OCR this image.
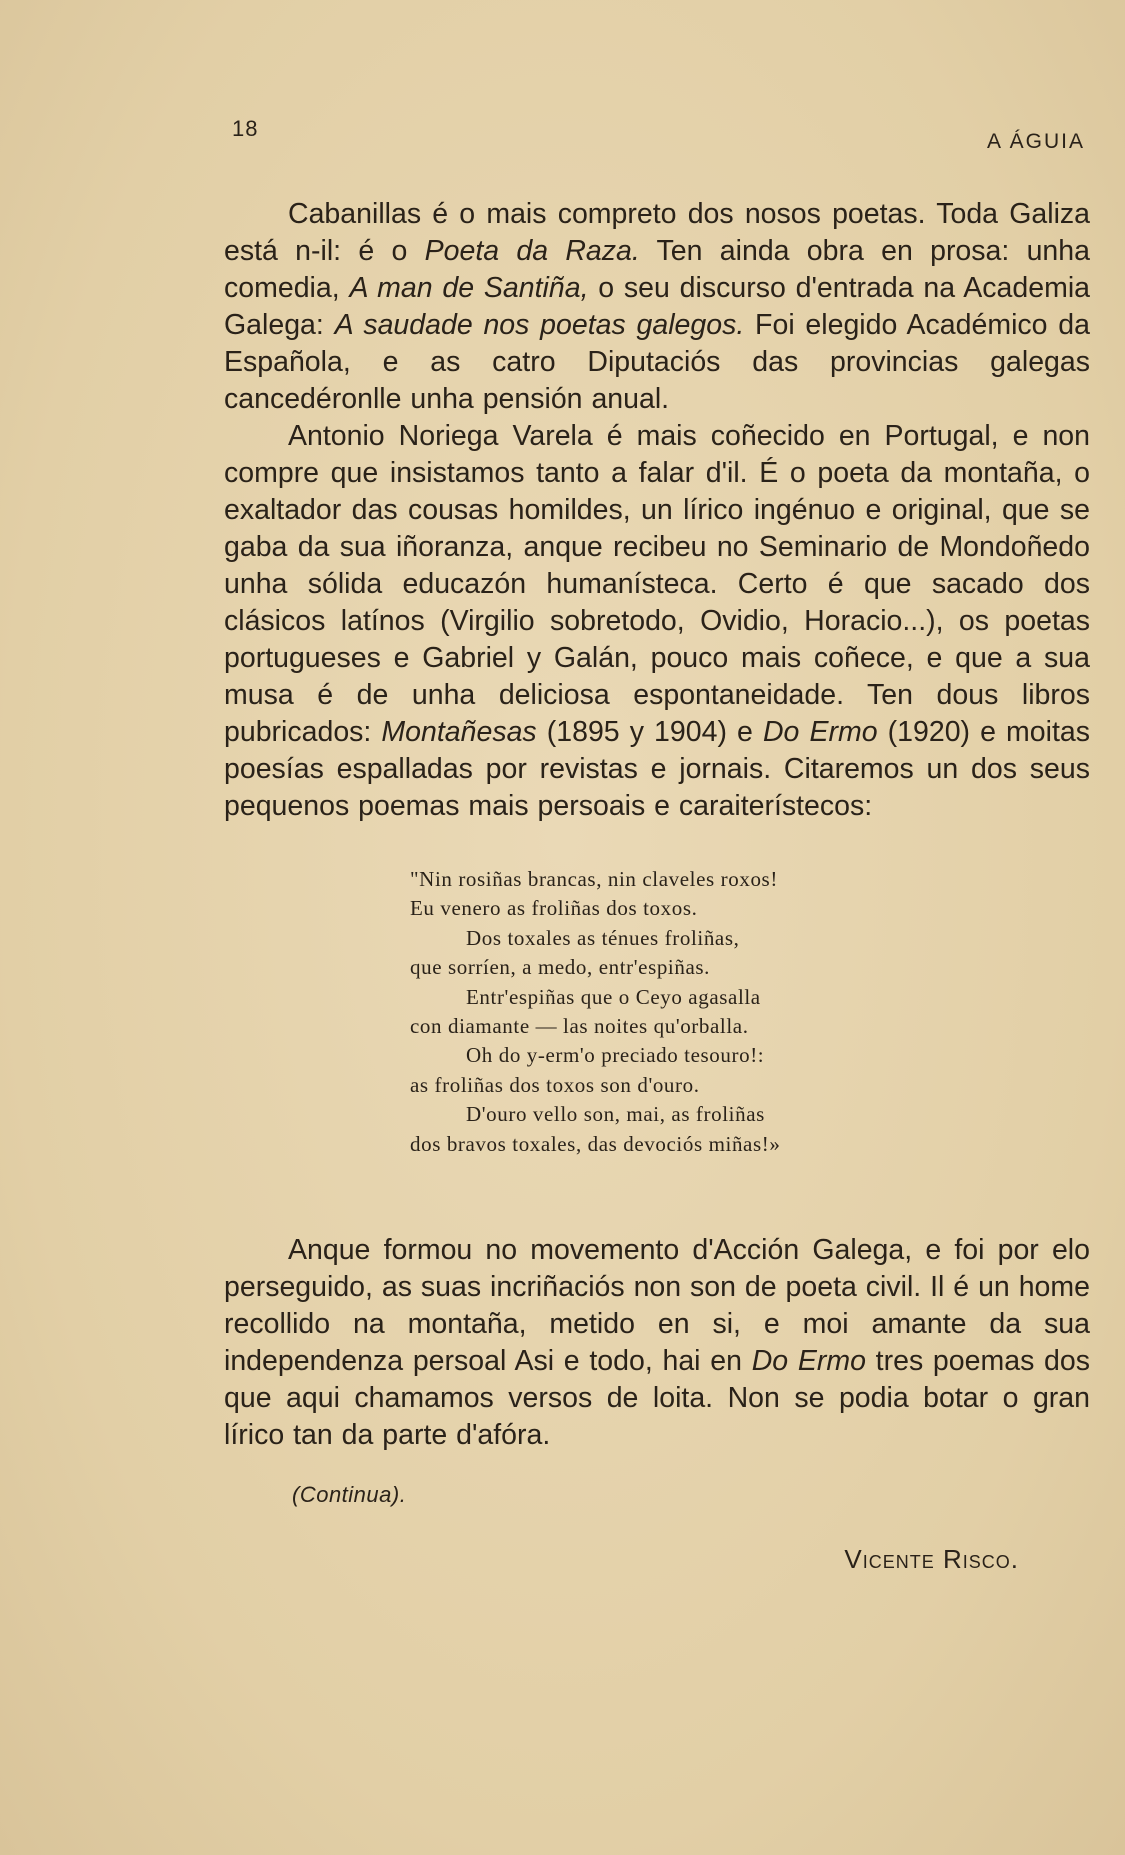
18
A ÁGUIA

Cabanillas é o mais compreto dos nosos poetas. Toda Galiza está n-il: é o Poeta da Raza. Ten ainda obra en prosa: unha comedia, A man de Santiña, o seu discurso d'entrada na Academia Galega: A saudade nos poetas galegos. Foi elegido Académico da Española, e as catro Diputaciós das provincias galegas cancedéronlle unha pensión anual.

Antonio Noriega Varela é mais coñecido en Portugal, e non compre que insistamos tanto a falar d'il. É o poeta da montaña, o exaltador das cousas homildes, un lírico ingénuo e original, que se gaba da sua iñoranza, anque recibeu no Seminario de Mondoñedo unha sólida educazón humanísteca. Certo é que sacado dos clásicos latínos (Virgilio sobretodo, Ovidio, Horacio...), os poetas portugueses e Gabriel y Galán, pouco mais coñece, e que a sua musa é de unha deliciosa espontaneidade. Ten dous libros pubricados: Montañesas (1895 y 1904) e Do Ermo (1920) e moitas poesías espalladas por revistas e jornais. Citaremos un dos seus pequenos poemas mais persoais e caraiterístecos:

"Nin rosiñas brancas, nin claveles roxos!
Eu venero as froliñas dos toxos.
Dos toxales as ténues froliñas,
que sorríen, a medo, entr'espiñas.
Entr'espiñas que o Ceyo agasalla
con diamante — las noites qu'orballa.
Oh do y-erm'o preciado tesouro!:
as froliñas dos toxos son d'ouro.
D'ouro vello son, mai, as froliñas
dos bravos toxales, das devociós miñas!»

Anque formou no movemento d'Acción Galega, e foi por elo perseguido, as suas incriñaciós non son de poeta civil. Il é un home recollido na montaña, metido en si, e moi amante da sua independenza persoal Asi e todo, hai en Do Ermo tres poemas dos que aqui chamamos versos de loita. Non se podia botar o gran lírico tan da parte d'afóra.

(Continua).
Vicente Risco.
